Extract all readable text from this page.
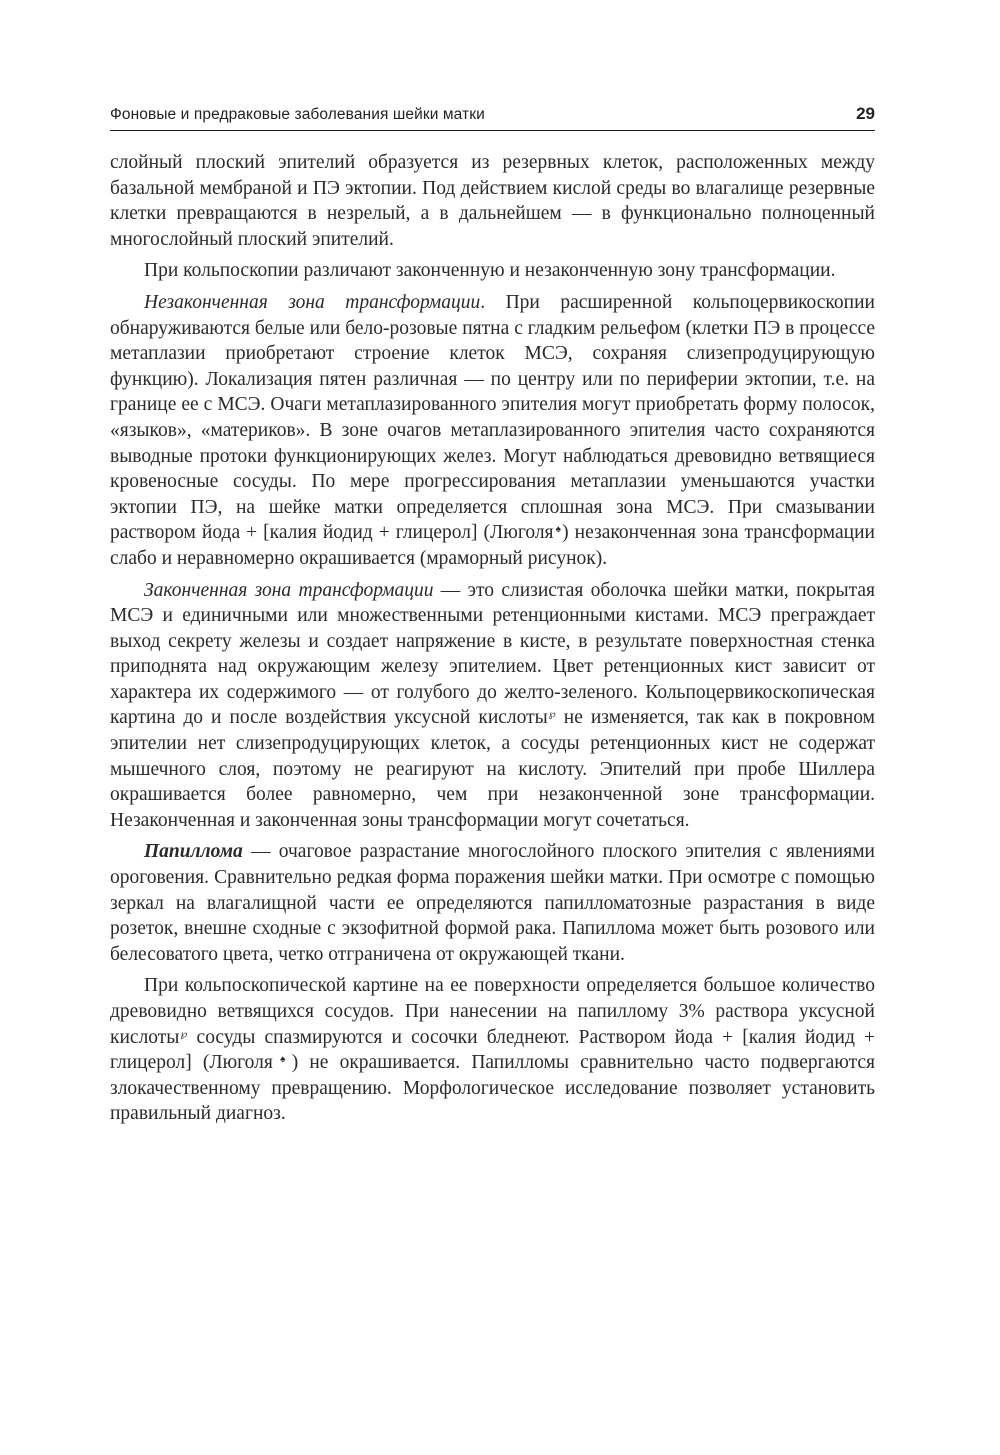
Фоновые и предраковые заболевания шейки матки	29

слойный плоский эпителий образуется из резервных клеток, расположенных между базальной мембраной и ПЭ эктопии. Под действием кислой среды во влагалище резервные клетки превращаются в незрелый, а в дальнейшем — в функционально полноценный многослойный плоский эпителий.

При кольпоскопии различают законченную и незаконченную зону трансформации.

Незаконченная зона трансформации. При расширенной кольпоцервикоскопии обнаруживаются белые или бело-розовые пятна с гладким рельефом (клетки ПЭ в процессе метаплазии приобретают строение клеток МСЭ, сохраняя слизепродуцирующую функцию). Локализация пятен различная — по центру или по периферии эктопии, т.е. на границе ее с МСЭ. Очаги метаплазированного эпителия могут приобретать форму полосок, «языков», «материков». В зоне очагов метаплазированного эпителия часто сохраняются выводные протоки функционирующих желез. Могут наблюдаться древовидно ветвящиеся кровеносные сосуды. По мере прогрессирования метаплазии уменьшаются участки эктопии ПЭ, на шейке матки определяется сплошная зона МСЭ. При смазывании раствором йода + [калия йодид + глицерол] (Люголя♠) незаконченная зона трансформации слабо и неравномерно окрашивается (мраморный рисунок).

Законченная зона трансформации — это слизистая оболочка шейки матки, покрытая МСЭ и единичными или множественными ретенционными кистами. МСЭ преграждает выход секрету железы и создает напряжение в кисте, в результате поверхностная стенка приподнята над окружающим железу эпителием. Цвет ретенционных кист зависит от характера их содержимого — от голубого до желто-зеленого. Кольпоцервикоскопическая картина до и после воздействия уксусной кислоты℘ не изменяется, так как в покровном эпителии нет слизепродуцирующих клеток, а сосуды ретенционных кист не содержат мышечного слоя, поэтому не реагируют на кислоту. Эпителий при пробе Шиллера окрашивается более равномерно, чем при незаконченной зоне трансформации. Незаконченная и законченная зоны трансформации могут сочетаться.

Папиллома — очаговое разрастание многослойного плоского эпителия с явлениями ороговения. Сравнительно редкая форма поражения шейки матки. При осмотре с помощью зеркал на влагалищной части ее определяются папилломатозные разрастания в виде розеток, внешне сходные с экзофитной формой рака. Папиллома может быть розового или белесоватого цвета, четко отграничена от окружающей ткани.

При кольпоскопической картине на ее поверхности определяется большое количество древовидно ветвящихся сосудов. При нанесении на папиллому 3% раствора уксусной кислоты℘ сосуды спазмируются и сосочки бледнеют. Раствором йода + [калия йодид + глицерол] (Люголя♠) не окрашивается. Папилломы сравнительно часто подвергаются злокачественному превращению. Морфологическое исследование позволяет установить правильный диагноз.
